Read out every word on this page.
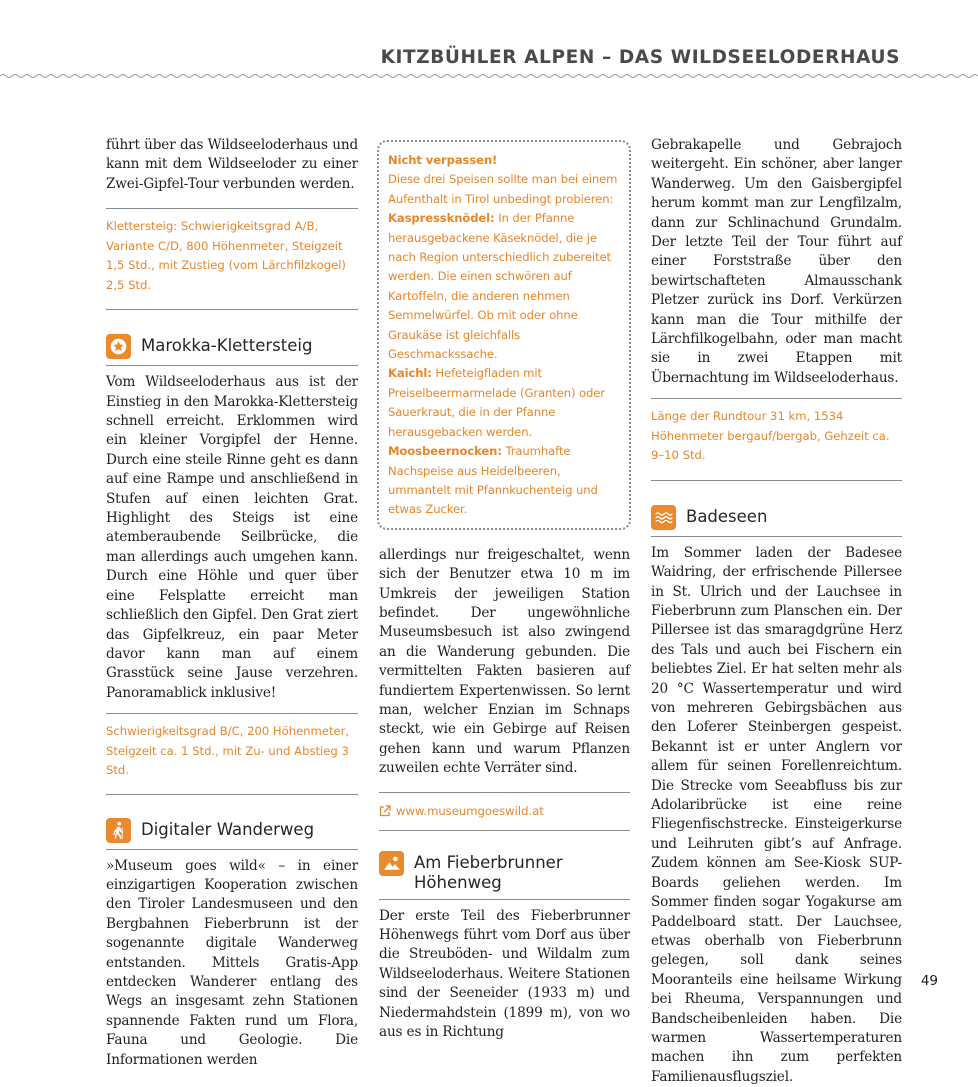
KITZBÜHLER ALPEN – DAS WILDSEELODERHAUS

führt über das Wildseeloderhaus und kann mit dem Wildseeloder zu einer Zwei-Gipfel-Tour verbunden werden.

Klettersteig: Schwierigkeitsgrad A/B, Variante C/D, 800 Höhenmeter, Steigzeit 1,5 Std., mit Zustieg (vom Lärchfilzkogel) 2,5 Std.

Marokka-Klettersteig

Vom Wildseeloderhaus aus ist der Einstieg in den Marokka-Klettersteig schnell erreicht. Erklommen wird ein kleiner Vorgipfel der Henne. Durch eine steile Rinne geht es dann auf eine Rampe und anschließend in Stufen auf einen leichten Grat. Highlight des Steigs ist eine atemberaubende Seilbrücke, die man allerdings auch umgehen kann. Durch eine Höhle und quer über eine Felsplatte erreicht man schließlich den Gipfel. Den Grat ziert das Gipfelkreuz, ein paar Meter davor kann man auf einem Grasstück seine Jause verzehren. Panoramablick inklusive!

Schwierigkeitsgrad B/C, 200 Höhenmeter, Steigzeit ca. 1 Std., mit Zu- und Abstieg 3 Std.

Digitaler Wanderweg

»Museum goes wild« – in einer einzigartigen Kooperation zwischen den Tiroler Landesmuseen und den Bergbahnen Fieberbrunn ist der sogenannte digitale Wanderweg entstanden. Mittels Gratis-App entdecken Wanderer entlang des Wegs an insgesamt zehn Stationen spannende Fakten rund um Flora, Fauna und Geologie. Die Informationen werden

Nicht verpassen!

Diese drei Speisen sollte man bei einem Aufenthalt in Tirol unbedingt probieren:

Kaspressknödel: In der Pfanne herausgebackene Käseknödel, die je nach Region unterschiedlich zubereitet werden. Die einen schwören auf Kartoffeln, die anderen nehmen Semmelwürfel. Ob mit oder ohne Graukäse ist gleichfalls Geschmackssache.

Kaichl: Hefeteigfladen mit Preiselbeermarmelade (Granten) oder Sauerkraut, die in der Pfanne herausgebacken werden.

Moosbeernocken: Traumhafte Nachspeise aus Heidelbeeren, ummantelt mit Pfannkuchenteig und etwas Zucker.

allerdings nur freigeschaltet, wenn sich der Benutzer etwa 10 m im Umkreis der jeweiligen Station befindet. Der ungewöhnliche Museumsbesuch ist also zwingend an die Wanderung gebunden. Die vermittelten Fakten basieren auf fundiertem Expertenwissen. So lernt man, welcher Enzian im Schnaps steckt, wie ein Gebirge auf Reisen gehen kann und warum Pflanzen zuweilen echte Verräter sind.

www.museumgoeswild.at
Am Fieberbrunner Höhenweg

Der erste Teil des Fieberbrunner Höhenwegs führt vom Dorf aus über die Streuböden- und Wildalm zum Wildseeloderhaus. Weitere Stationen sind der Seeneider (1933 m) und Niedermahdstein (1899 m), von wo aus es in Richtung

Gebrakapelle und Gebrajoch weitergeht. Ein schöner, aber langer Wanderweg. Um den Gaisbergipfel herum kommt man zur Lengfilzalm, dann zur Schlinachund Grundalm. Der letzte Teil der Tour führt auf einer Forststraße über den bewirtschafteten Almausschank Pletzer zurück ins Dorf. Verkürzen kann man die Tour mithilfe der Lärchfilkogelbahn, oder man macht sie in zwei Etappen mit Übernachtung im Wildseeloderhaus.

Länge der Rundtour 31 km, 1534 Höhenmeter bergauf/bergab, Gehzeit ca. 9–10 Std.

Badeseen

Im Sommer laden der Badesee Waidring, der erfrischende Pillersee in St. Ulrich und der Lauchsee in Fieberbrunn zum Planschen ein. Der Pillersee ist das smaragdgrüne Herz des Tals und auch bei Fischern ein beliebtes Ziel. Er hat selten mehr als 20 °C Wassertemperatur und wird von mehreren Gebirgsbächen aus den Loferer Steinbergen gespeist. Bekannt ist er unter Anglern vor allem für seinen Forellenreichtum. Die Strecke vom Seeabfluss bis zur Adolaribrücke ist eine reine Fliegenfischstrecke. Einsteigerkurse und Leihruten gibt’s auf Anfrage. Zudem können am See-Kiosk SUP-Boards geliehen werden. Im Sommer finden sogar Yogakurse am Paddelboard statt. Der Lauchsee, etwas oberhalb von Fieberbrunn gelegen, soll dank seines Mooranteils eine heilsame Wirkung bei Rheuma, Verspannungen und Bandscheibenleiden haben. Die warmen Wassertemperaturen machen ihn zum perfekten Familienausflugsziel.

49
